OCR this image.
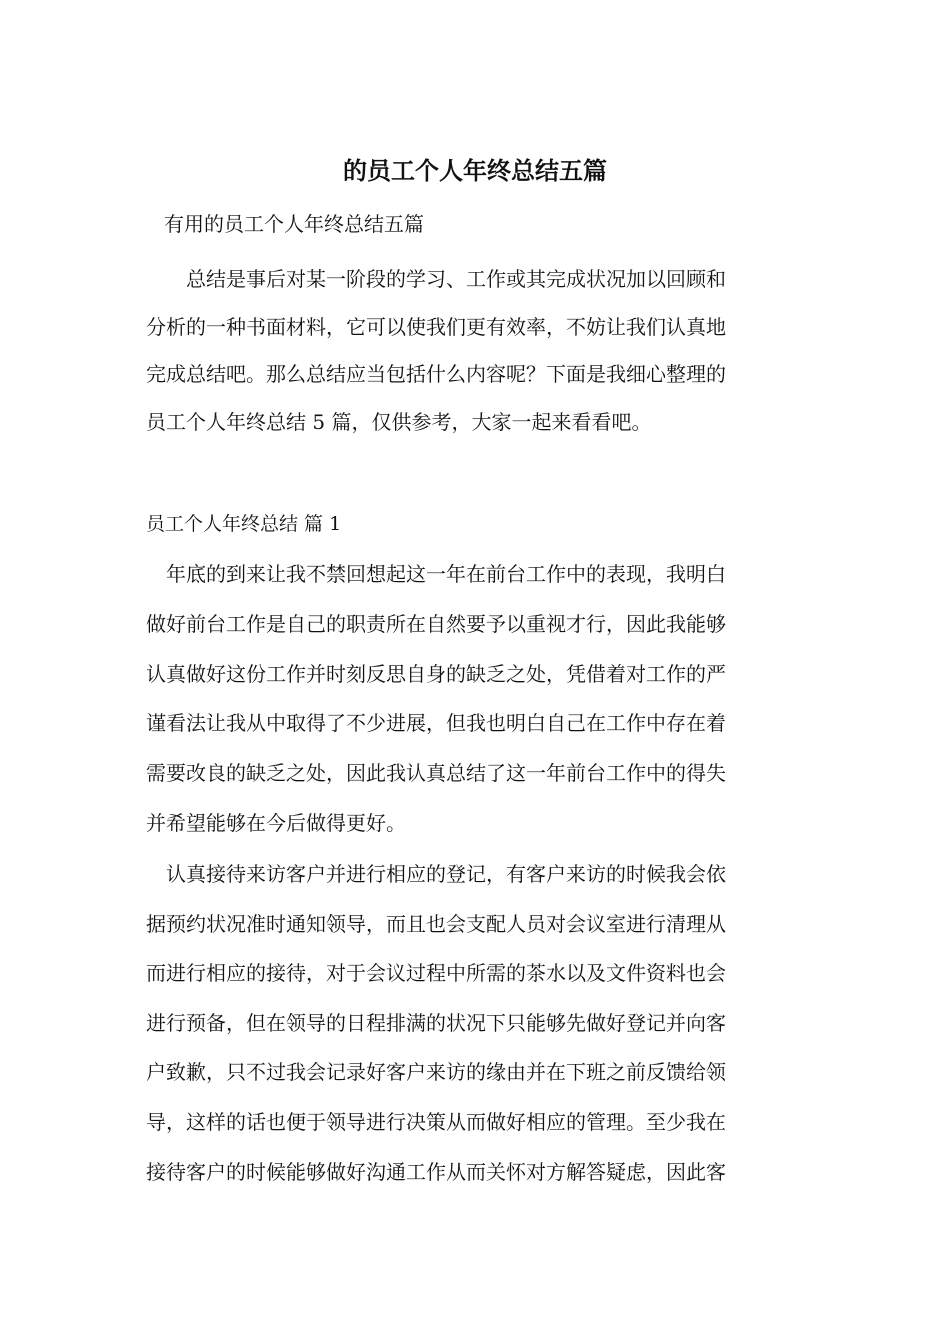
的员工个人年终总结五篇
有用的员工个人年终总结五篇
　　总结是事后对某一阶段的学习、工作或其完成状况加以回顾和
分析的一种书面材料，它可以使我们更有效率，不妨让我们认真地
完成总结吧。那么总结应当包括什么内容呢？下面是我细心整理的
员工个人年终总结 5 篇，仅供参考，大家一起来看看吧。
员工个人年终总结 篇 1
　年底的到来让我不禁回想起这一年在前台工作中的表现，我明白
做好前台工作是自己的职责所在自然要予以重视才行，因此我能够
认真做好这份工作并时刻反思自身的缺乏之处，凭借着对工作的严
谨看法让我从中取得了不少进展，但我也明白自己在工作中存在着
需要改良的缺乏之处，因此我认真总结了这一年前台工作中的得失
并希望能够在今后做得更好。
　认真接待来访客户并进行相应的登记，有客户来访的时候我会依
据预约状况准时通知领导，而且也会支配人员对会议室进行清理从
而进行相应的接待，对于会议过程中所需的茶水以及文件资料也会
进行预备，但在领导的日程排满的状况下只能够先做好登记并向客
户致歉，只不过我会记录好客户来访的缘由并在下班之前反馈给领
导，这样的话也便于领导进行决策从而做好相应的管理。至少我在
接待客户的时候能够做好沟通工作从而关怀对方解答疑虑，因此客
